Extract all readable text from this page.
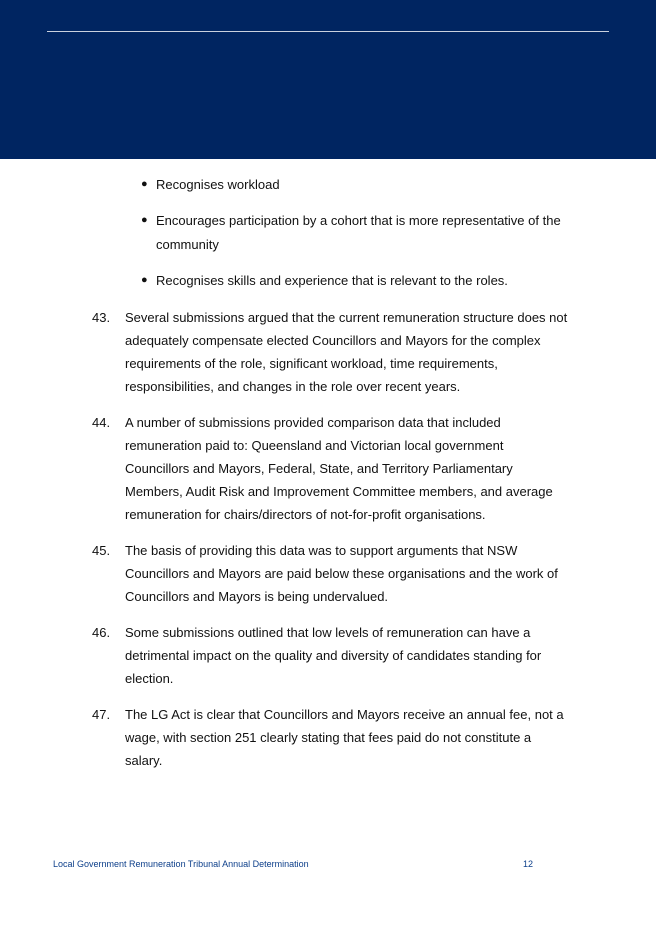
● Recognises workload
● Encourages participation by a cohort that is more representative of the community
● Recognises skills and experience that is relevant to the roles.
43.	Several submissions argued that the current remuneration structure does not adequately compensate elected Councillors and Mayors for the complex requirements of the role, significant workload, time requirements, responsibilities, and changes in the role over recent years.
44.	A number of submissions provided comparison data that included remuneration paid to: Queensland and Victorian local government Councillors and Mayors, Federal, State, and Territory Parliamentary Members, Audit Risk and Improvement Committee members, and average remuneration for chairs/directors of not-for-profit organisations.
45.	The basis of providing this data was to support arguments that NSW Councillors and Mayors are paid below these organisations and the work of Councillors and Mayors is being undervalued.
46.	Some submissions outlined that low levels of remuneration can have a detrimental impact on the quality and diversity of candidates standing for election.
47.	The LG Act is clear that Councillors and Mayors receive an annual fee, not a wage, with section 251 clearly stating that fees paid do not constitute a salary.
Local Government Remuneration Tribunal Annual Determination	12
